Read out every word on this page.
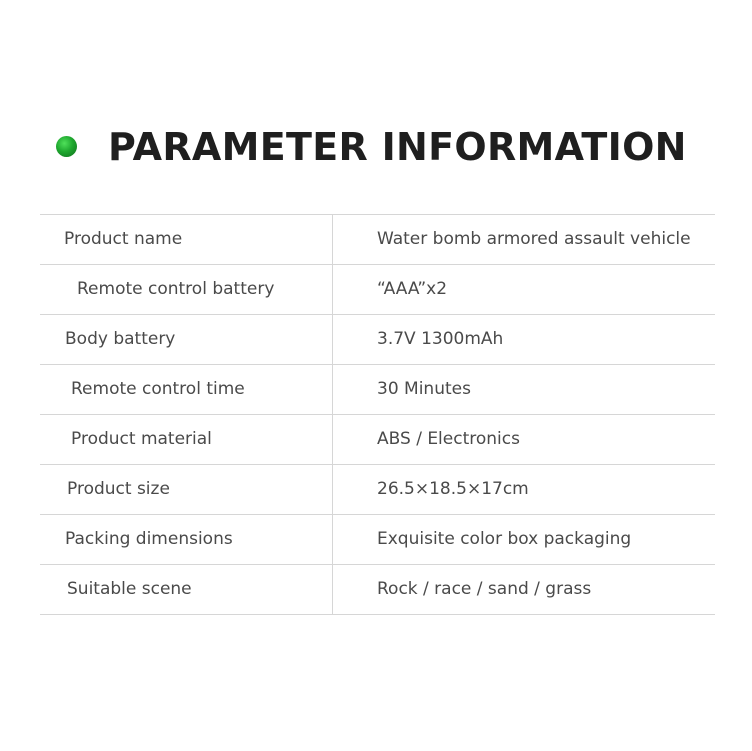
PARAMETER INFORMATION
Product name	Water bomb armored assault vehicle
Remote control battery	“AAA”x2
Body battery	3.7V 1300mAh
Remote control time	30 Minutes
Product material	ABS / Electronics
Product size	26.5×18.5×17cm
Packing dimensions	Exquisite color box packaging
Suitable scene	Rock / race / sand / grass
